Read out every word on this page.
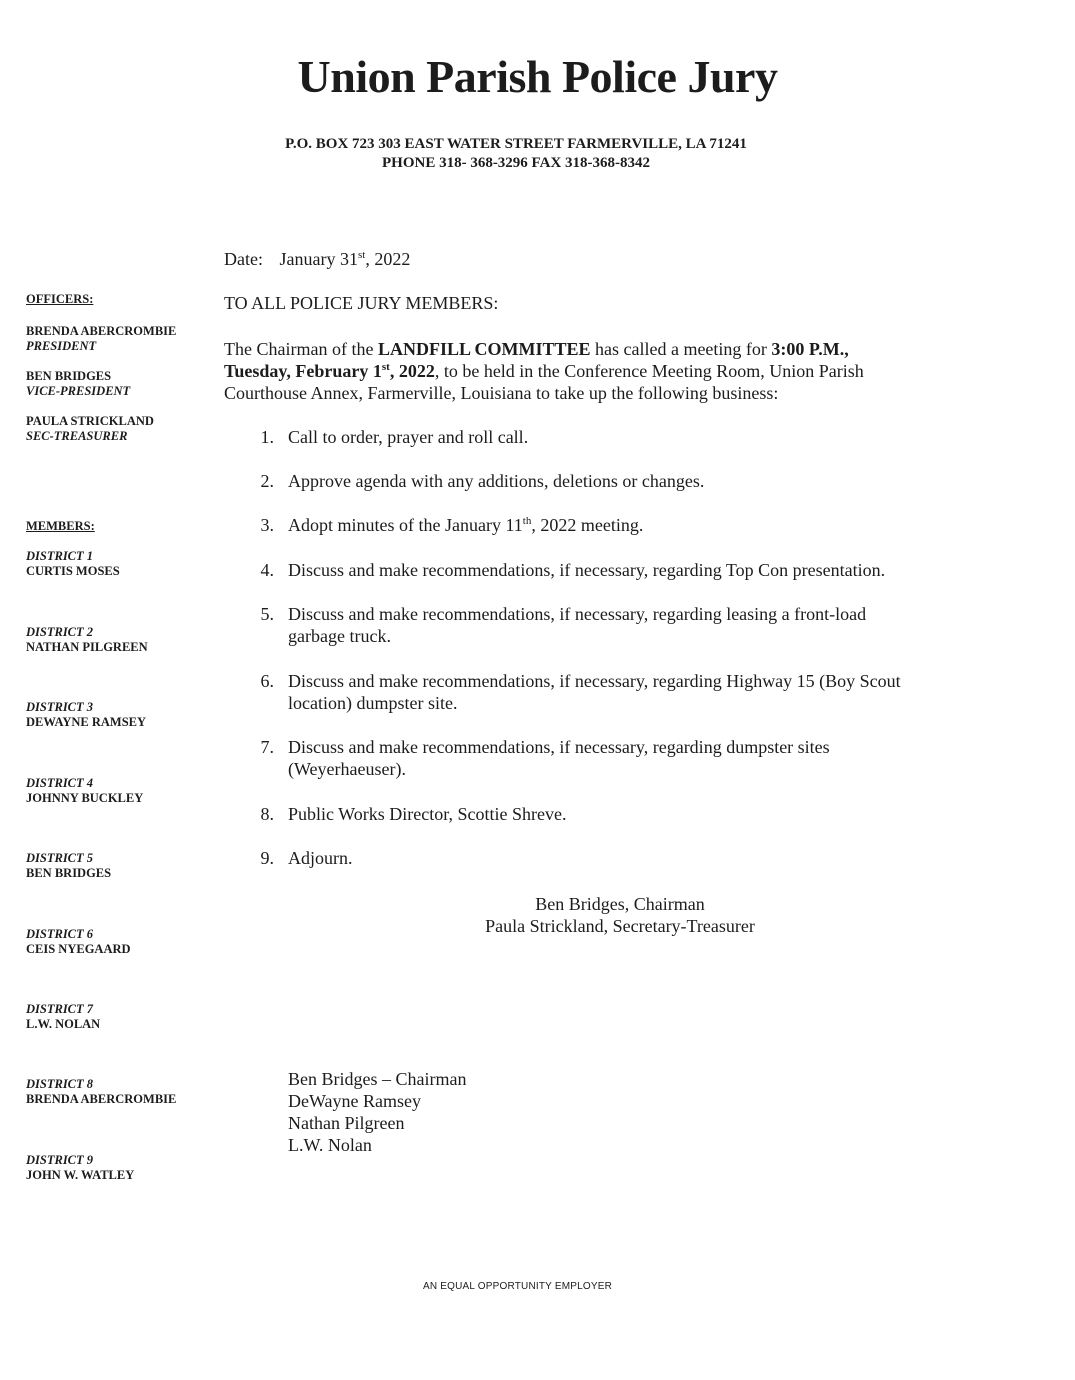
Union Parish Police Jury
P.O. BOX 723 303 EAST WATER STREET FARMERVILLE, LA 71241
PHONE 318- 368-3296 FAX 318-368-8342
OFFICERS:
BRENDA ABERCROMBIE
PRESIDENT
BEN BRIDGES
VICE-PRESIDENT
PAULA STRICKLAND
SEC-TREASURER
MEMBERS:
DISTRICT 1
CURTIS MOSES
DISTRICT 2
NATHAN PILGREEN
DISTRICT 3
DEWAYNE RAMSEY
DISTRICT 4
JOHNNY BUCKLEY
DISTRICT 5
BEN BRIDGES
DISTRICT 6
CEIS NYEGAARD
DISTRICT 7
L.W. NOLAN
DISTRICT 8
BRENDA ABERCROMBIE
DISTRICT 9
JOHN W. WATLEY
Date: January 31st, 2022
TO ALL POLICE JURY MEMBERS:
The Chairman of the LANDFILL COMMITTEE has called a meeting for 3:00 P.M.,
Tuesday, February 1st, 2022, to be held in the Conference Meeting Room, Union Parish
Courthouse Annex, Farmerville, Louisiana to take up the following business:
1. Call to order, prayer and roll call.
2. Approve agenda with any additions, deletions or changes.
3. Adopt minutes of the January 11th, 2022 meeting.
4. Discuss and make recommendations, if necessary, regarding Top Con presentation.
5. Discuss and make recommendations, if necessary, regarding leasing a front-load
garbage truck.
6. Discuss and make recommendations, if necessary, regarding Highway 15 (Boy Scout
location) dumpster site.
7. Discuss and make recommendations, if necessary, regarding dumpster sites
(Weyerhaeuser).
8. Public Works Director, Scottie Shreve.
9. Adjourn.
Ben Bridges, Chairman
Paula Strickland, Secretary-Treasurer
Ben Bridges – Chairman
DeWayne Ramsey
Nathan Pilgreen
L.W. Nolan
AN EQUAL OPPORTUNITY EMPLOYER
